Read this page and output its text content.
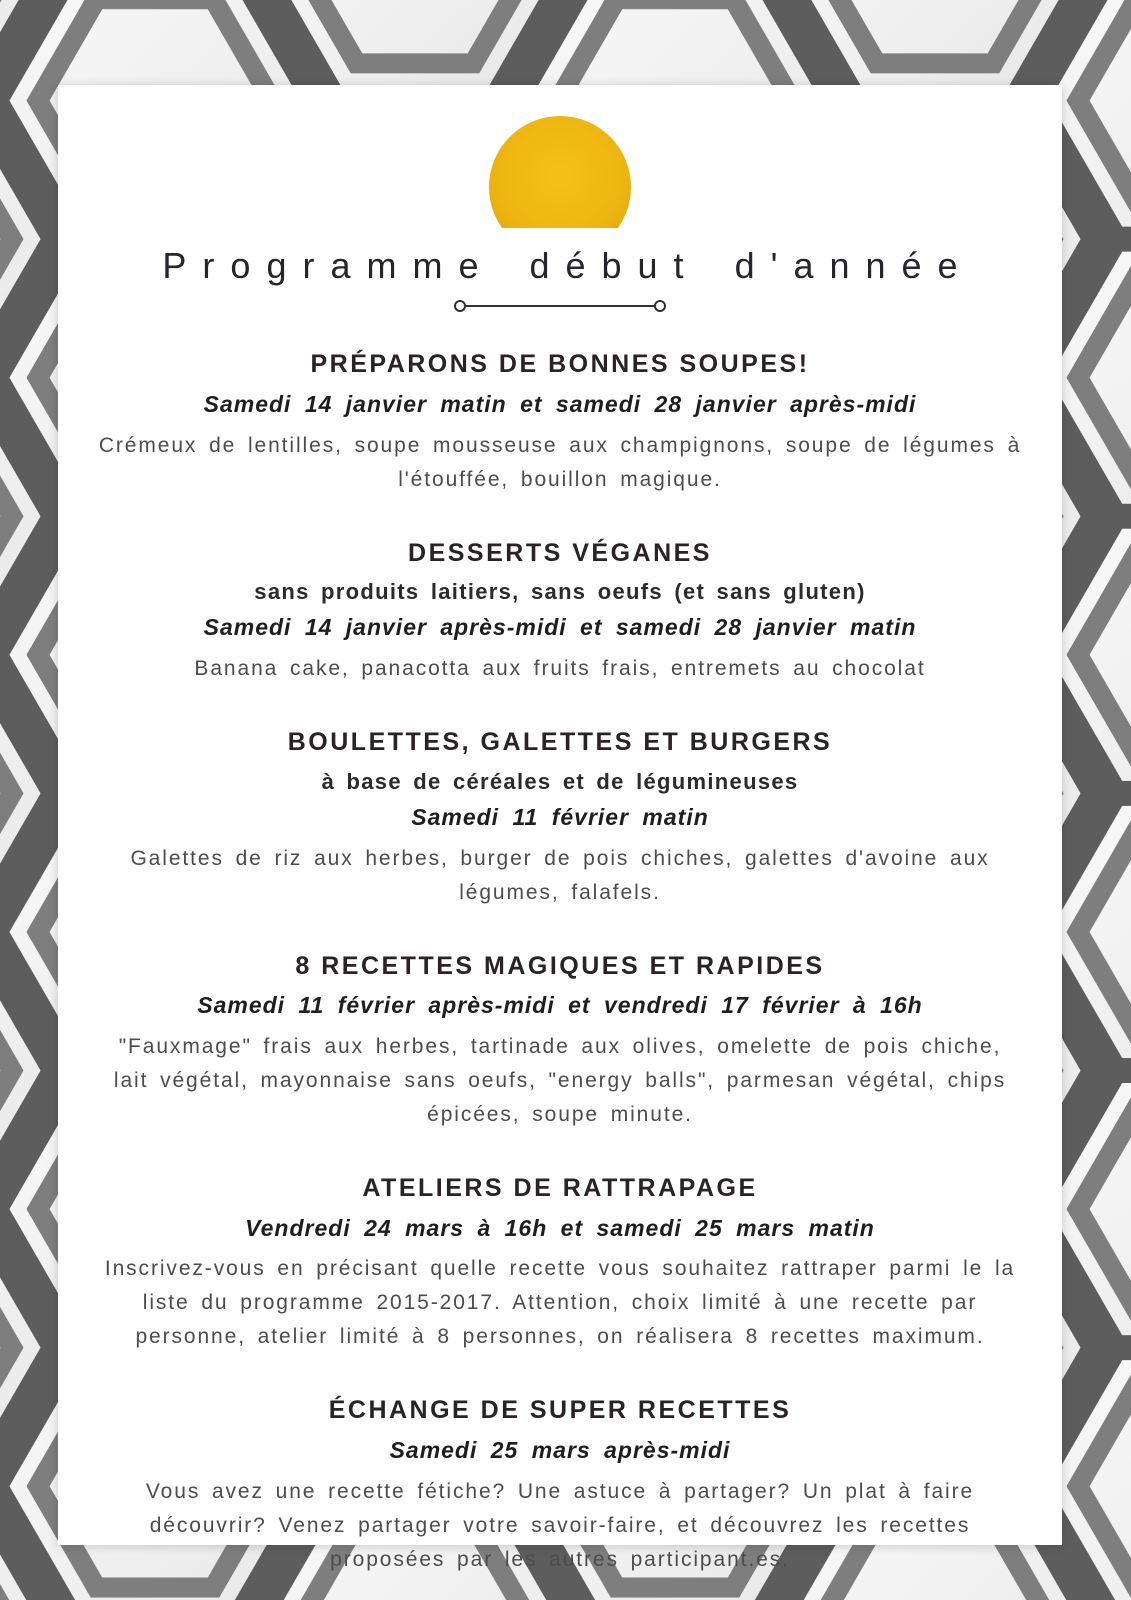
Programme début d'année
PRÉPARONS DE BONNES SOUPES!
Samedi 14 janvier matin et samedi 28 janvier après-midi
Crémeux de lentilles, soupe mousseuse aux champignons, soupe de légumes à l'étouffée, bouillon magique.
DESSERTS VÉGANES
sans produits laitiers, sans oeufs (et sans gluten)
Samedi 14 janvier après-midi et samedi 28 janvier matin
Banana cake, panacotta aux fruits frais, entremets au chocolat
BOULETTES, GALETTES ET BURGERS
à base de céréales et de légumineuses
Samedi 11 février matin
Galettes de riz aux herbes, burger de pois chiches, galettes d'avoine aux légumes, falafels.
8 RECETTES MAGIQUES ET RAPIDES
Samedi 11 février après-midi et vendredi 17 février à 16h
"Fauxmage" frais aux herbes, tartinade aux olives, omelette de pois chiche, lait végétal, mayonnaise sans oeufs, "energy balls", parmesan végétal, chips épicées, soupe minute.
ATELIERS DE RATTRAPAGE
Vendredi 24 mars à 16h et samedi 25 mars matin
Inscrivez-vous en précisant quelle recette vous souhaitez rattraper parmi le la liste du programme 2015-2017. Attention, choix limité à une recette par personne, atelier limité à 8 personnes, on réalisera 8 recettes maximum.
ÉCHANGE DE SUPER RECETTES
Samedi 25 mars après-midi
Vous avez une recette fétiche? Une astuce à partager? Un plat à faire découvrir? Venez partager votre savoir-faire, et découvrez les recettes proposées par les autres participant.es.
